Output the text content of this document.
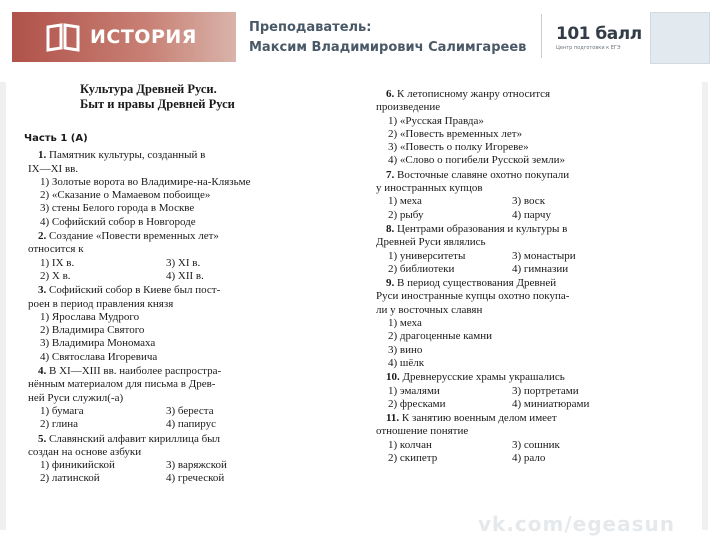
ИСТОРИЯ	Преподаватель:
Максим Владимирович Салимгареев
101 балл
Центр подготовки к ЕГЭ
Культура Древней Руси.
Быт и нравы Древней Руси
Часть 1 (А)

1. Памятник культуры, созданный в

IX—XI вв.

1) Золотые ворота во Владимире-на-Клязьме

2) «Сказание о Мамаевом побоище»

3) стены Белого города в Москве

4) Софийский собор в Новгороде

2. Создание «Повести временных лет»

относится к

1) IX в.	3) XI в.
2) X в.	4) XII в.

3. Софийский собор в Киеве был пост-

роен в период правления князя

1) Ярослава Мудрого

2) Владимира Святого

3) Владимира Мономаха

4) Святослава Игоревича

4. В XI—XIII вв. наиболее распростра-

нённым материалом для письма в Древ-

ней Руси служил(-а)

1) бумага	3) береста
2) глина	4) папирус

5. Славянский алфавит кириллица был

создан на основе азбуки

1) финикийской	3) варяжской
2) латинской	4) греческой

6. К летописному жанру относится

произведение

1) «Русская Правда»

2) «Повесть временных лет»

3) «Повесть о полку Игореве»

4) «Слово о погибели Русской земли»

7. Восточные славяне охотно покупали

у иностранных купцов

1) меха	3) воск
2) рыбу	4) парчу

8. Центрами образования и культуры в

Древней Руси являлись

1) университеты	3) монастыри
2) библиотеки	4) гимназии

9. В период существования Древней

Руси иностранные купцы охотно покупа-

ли у восточных славян

1) меха

2) драгоценные камни

3) вино

4) шёлк

10. Древнерусские храмы украшались

1) эмалями	3) портретами
2) фресками	4) миниатюрами

11. К занятию военным делом имеет

отношение понятие

1) колчан	3) сошник
2) скипетр	4) рало
vk.com/egeasun
